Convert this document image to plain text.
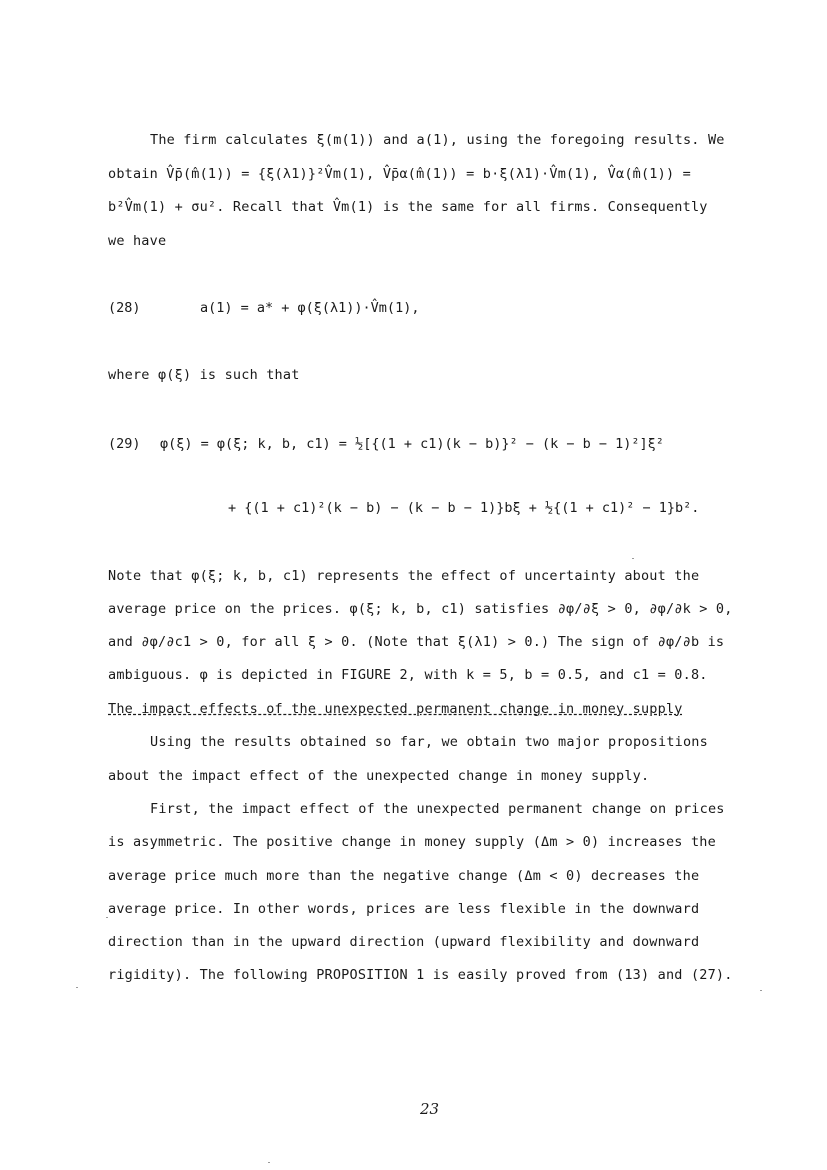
The firm calculates ξ(m(1)) and a(1), using the foregoing results. We
obtain V̂p̄(m̂(1)) = {ξ(λ1)}²V̂m(1), V̂p̄α(m̂(1)) = b·ξ(λ1)·V̂m(1), V̂α(m̂(1)) =
b²V̂m(1) + σu². Recall that V̂m(1) is the same for all firms. Consequently
we have
(28)	a(1) = a* + φ(ξ(λ1))·V̂m(1),
where φ(ξ) is such that
(29) φ(ξ) = φ(ξ; k, b, c1) = ½[{(1 + c1)(k − b)}² − (k − b − 1)²]ξ²
+ {(1 + c1)²(k − b) − (k − b − 1)}bξ + ½{(1 + c1)² − 1}b².
Note that φ(ξ; k, b, c1) represents the effect of uncertainty about the
average price on the prices. φ(ξ; k, b, c1) satisfies ∂φ/∂ξ > 0, ∂φ/∂k > 0,
and ∂φ/∂c1 > 0, for all ξ > 0. (Note that ξ(λ1) > 0.) The sign of ∂φ/∂b is
ambiguous. φ is depicted in FIGURE 2, with k = 5, b = 0.5, and c1 = 0.8.
The impact effects of the unexpected permanent change in money supply
Using the results obtained so far, we obtain two major propositions
about the impact effect of the unexpected change in money supply.
First, the impact effect of the unexpected permanent change on prices
is asymmetric. The positive change in money supply (Δm > 0) increases the
average price much more than the negative change (Δm < 0) decreases the
average price. In other words, prices are less flexible in the downward
direction than in the upward direction (upward flexibility and downward
rigidity). The following PROPOSITION 1 is easily proved from (13) and (27).
23
